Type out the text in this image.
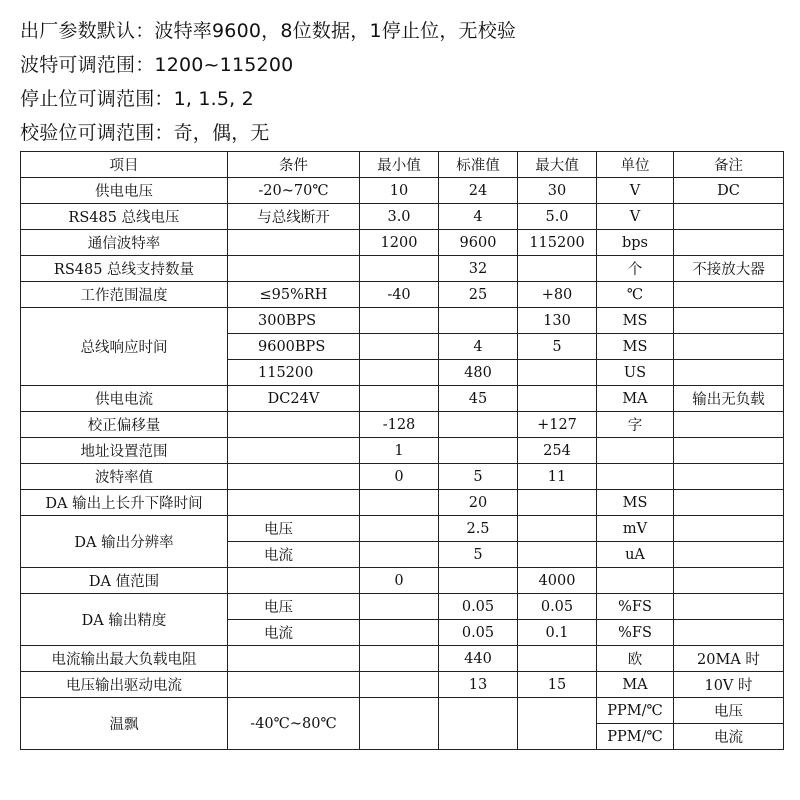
出厂参数默认：波特率9600，8位数据，1停止位，无校验
波特可调范围：1200~115200
停止位可调范围：1, 1.5, 2
校验位可调范围：奇，偶，无
项目	条件	最小值	标准值	最大值	单位	备注
供电电压	-20~70℃	10	24	30	V	DC
RS485 总线电压	与总线断开	3.0	4	5.0	V	
通信波特率		1200	9600	115200	bps	
RS485 总线支持数量			32		个	不接放大器
工作范围温度	≤95%RH	-40	25	+80	℃	
总线响应时间	300BPS			130	MS	
	9600BPS		4	5	MS	
	115200		480		US	
供电电流	DC24V		45		MA	输出无负载
校正偏移量		-128		+127	字	
地址设置范围		1		254		
波特率值		0	5	11		
DA 输出上长升下降时间			20		MS	
DA 输出分辨率	电压		2.5		mV	
	电流		5		uA	
DA 值范围		0		4000		
DA 输出精度	电压		0.05	0.05	%FS	
	电流		0.05	0.1	%FS	
电流输出最大负载电阻			440		欧	20MA 时
电压输出驱动电流			13	15	MA	10V 时
温飘	-40℃~80℃				PPM/℃	电压
					PPM/℃	电流
